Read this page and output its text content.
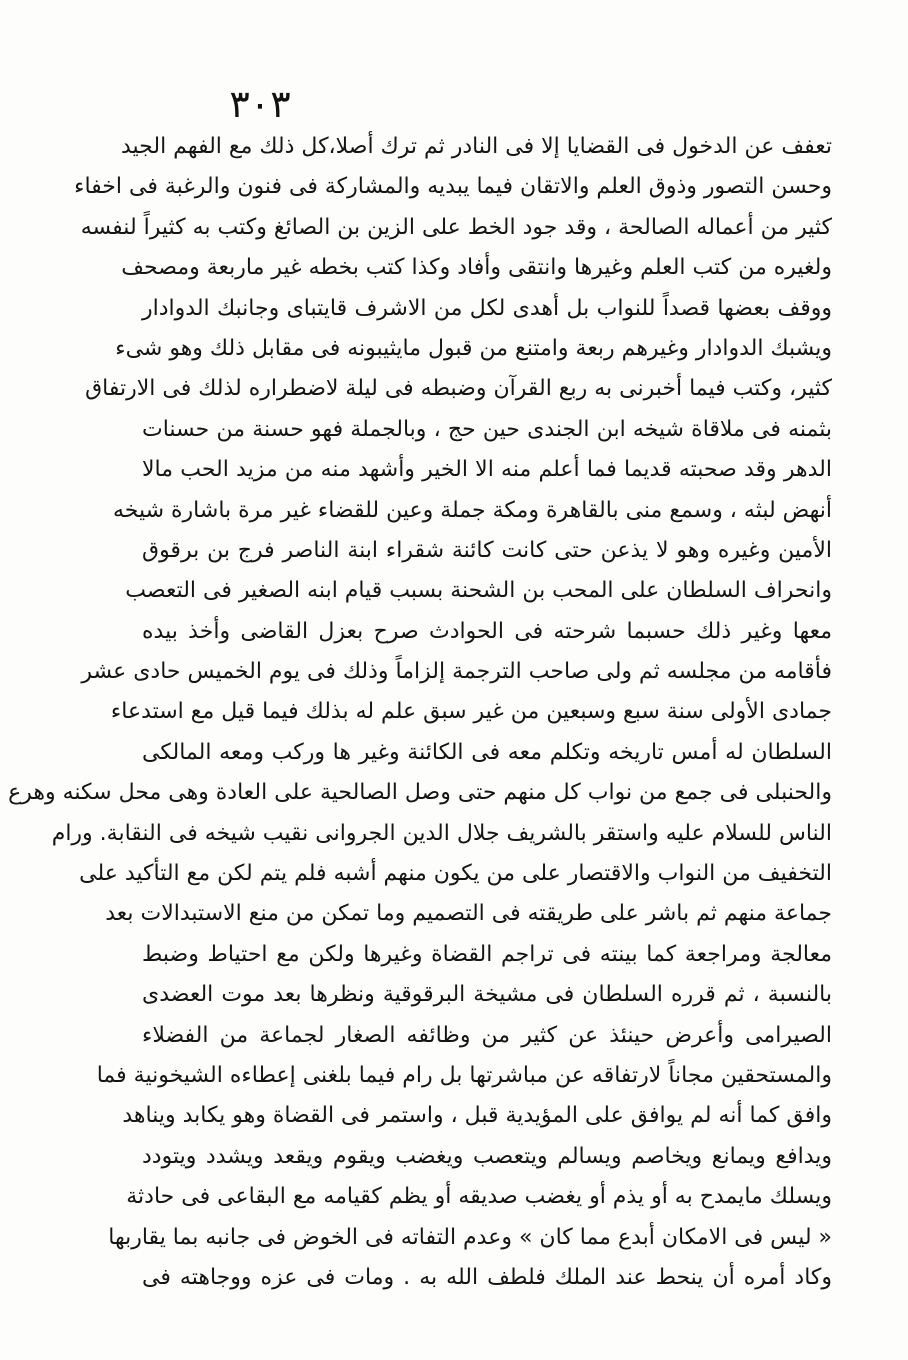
٣٠٣
تعفف عن الدخول فى القضايا إلا فى النادر ثم ترك أصلا،كل ذلك مع الفهم الجيد
وحسن التصور وذوق العلم والاتقان فيما يبديه والمشاركة فى فنون والرغبة فى اخفاء
كثير من أعماله الصالحة ، وقد جود الخط على الزين بن الصائغ وكتب به كثيراً لنفسه
ولغيره من كتب العلم وغيرها وانتقى وأفاد وكذا كتب بخطه غير ماربعة ومصحف
ووقف بعضها قصداً للنواب بل أهدى لكل من الاشرف قايتباى وجانبك الدوادار
ويشبك الدوادار وغيرهم ربعة وامتنع من قبول مايثيبونه فى مقابل ذلك وهو شىء
كثير، وكتب فيما أخبرنى به ربع القرآن وضبطه فى ليلة لاضطراره لذلك فى الارتفاق
بثمنه فى ملاقاة شيخه ابن الجندى حين حج ، وبالجملة فهو حسنة من حسنات
الدهر وقد صحبته قديما فما أعلم منه الا الخير وأشهد منه من مزيد الحب مالا
أنهض لبثه ، وسمع منى بالقاهرة ومكة جملة وعين للقضاء غير مرة باشارة شيخه
الأمين وغيره وهو لا يذعن حتى كانت كائنة شقراء ابنة الناصر فرج بن برقوق
وانحراف السلطان على المحب بن الشحنة بسبب قيام ابنه الصغير فى التعصب
معها وغير ذلك حسبما شرحته فى الحوادث صرح بعزل القاضى وأخذ بيده
فأقامه من مجلسه ثم ولى صاحب الترجمة إلزاماً وذلك فى يوم الخميس حادى عشر
جمادى الأولى سنة سبع وسبعين من غير سبق علم له بذلك فيما قيل مع استدعاء
السلطان له أمس تاريخه وتكلم معه فى الكائنة وغير ها وركب ومعه المالكى
والحنبلى فى جمع من نواب كل منهم حتى وصل الصالحية على العادة وهى محل سكنه وهرع
الناس للسلام عليه واستقر بالشريف جلال الدين الجروانى نقيب شيخه فى النقابة. ورام
التخفيف من النواب والاقتصار على من يكون منهم أشبه فلم يتم لكن مع التأكيد على
جماعة منهم ثم باشر على طريقته فى التصميم وما تمكن من منع الاستبدالات بعد
معالجة ومراجعة كما بينته فى تراجم القضاة وغيرها ولكن مع احتياط وضبط
بالنسبة ، ثم قرره السلطان فى مشيخة البرقوقية ونظرها بعد موت العضدى
الصيرامى وأعرض حينئذ عن كثير من وظائفه الصغار لجماعة من الفضلاء
والمستحقين مجاناً لارتفاقه عن مباشرتها بل رام فيما بلغنى إعطاءه الشيخونية فما
وافق كما أنه لم يوافق على المؤيدية قبل ، واستمر فى القضاة وهو يكابد ويناهد
ويدافع ويمانع ويخاصم ويسالم ويتعصب ويغضب ويقوم ويقعد ويشدد ويتودد
ويسلك مايمدح به أو يذم أو يغضب صديقه أو يظم كقيامه مع البقاعى فى حادثة
« ليس فى الامكان أبدع مما كان » وعدم التفاته فى الخوض فى جانبه بما يقاربها
وكاد أمره أن ينحط عند الملك فلطف الله به . ومات فى عزه ووجاهته فى
